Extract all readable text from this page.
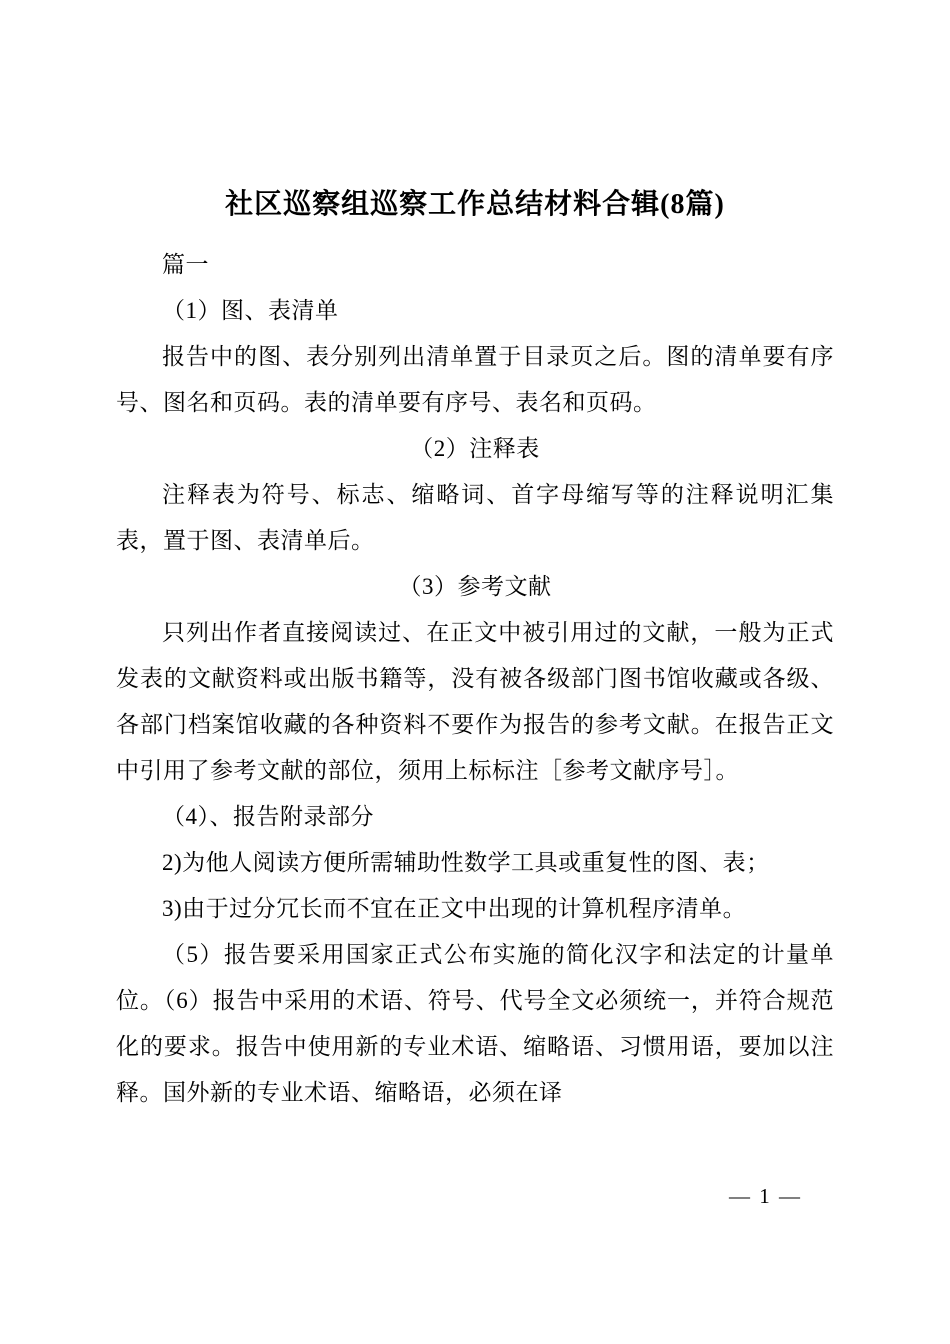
社区巡察组巡察工作总结材料合辑(8篇)

篇一

（1）图、表清单

报告中的图、表分别列出清单置于目录页之后。图的清单要有序号、图名和页码。表的清单要有序号、表名和页码。

（2）注释表

注释表为符号、标志、缩略词、首字母缩写等的注释说明汇集表，置于图、表清单后。

（3）参考文献

只列出作者直接阅读过、在正文中被引用过的文献，一般为正式发表的文献资料或出版书籍等，没有被各级部门图书馆收藏或各级、各部门档案馆收藏的各种资料不要作为报告的参考文献。在报告正文中引用了参考文献的部位，须用上标标注［参考文献序号］。

（4）、报告附录部分

2)为他人阅读方便所需辅助性数学工具或重复性的图、表；

3)由于过分冗长而不宜在正文中出现的计算机程序清单。

（5）报告要采用国家正式公布实施的简化汉字和法定的计量单位。（6）报告中采用的术语、符号、代号全文必须统一，并符合规范化的要求。报告中使用新的专业术语、缩略语、习惯用语，要加以注释。国外新的专业术语、缩略语，必须在译

— 1 —
